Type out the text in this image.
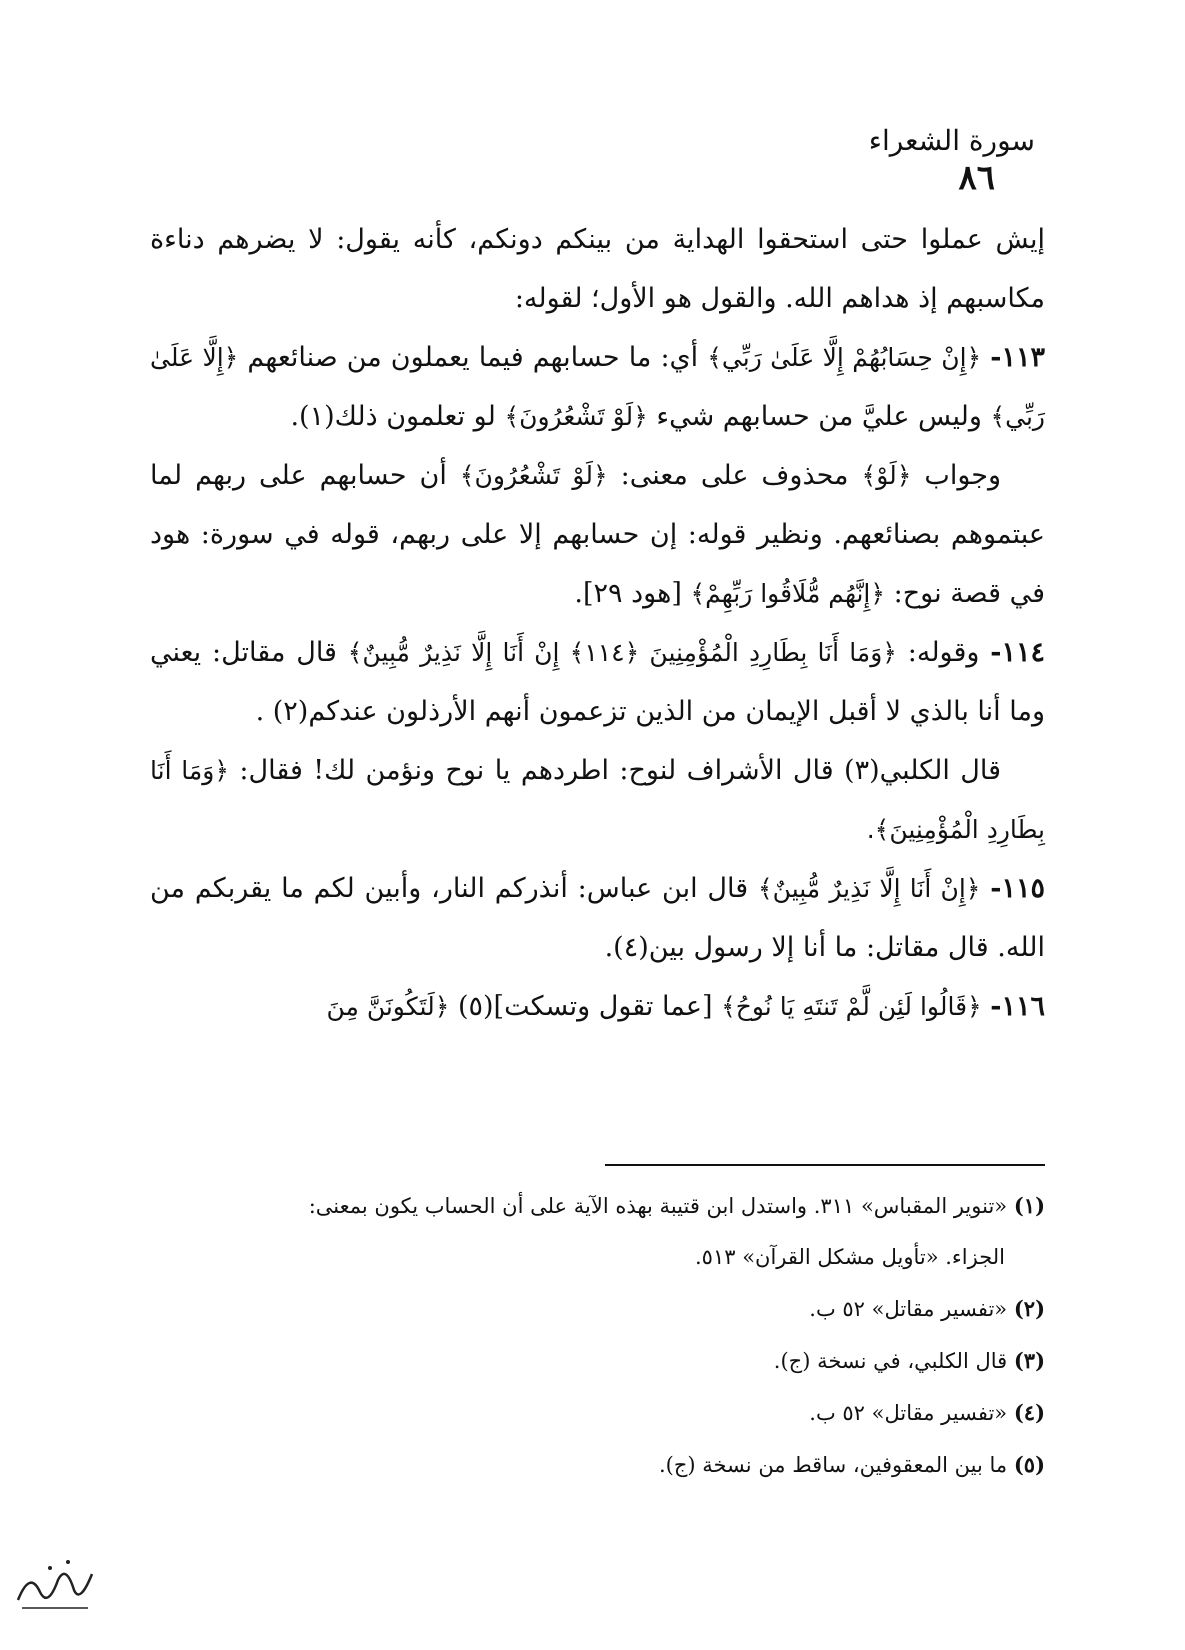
سورة الشعراء
٨٦

إيش عملوا حتى استحقوا الهداية من بينكم دونكم، كأنه يقول: لا يضرهم دناءة مكاسبهم إذ هداهم الله. والقول هو الأول؛ لقوله:

١١٣- ﴿إِنْ حِسَابُهُمْ إِلَّا عَلَىٰ رَبِّي﴾ أي: ما حسابهم فيما يعملون من صنائعهم ﴿إِلَّا عَلَىٰ رَبِّي﴾ وليس عليَّ من حسابهم شيء ﴿لَوْ تَشْعُرُونَ﴾ لو تعلمون ذلك(١).

وجواب ﴿لَوْ﴾ محذوف على معنى: ﴿لَوْ تَشْعُرُونَ﴾ أن حسابهم على ربهم لما عبتموهم بصنائعهم. ونظير قوله: إن حسابهم إلا على ربهم، قوله في سورة: هود في قصة نوح: ﴿إِنَّهُم مُّلَاقُوا رَبِّهِمْ﴾ [هود ٢٩].

١١٤- وقوله: ﴿وَمَا أَنَا بِطَارِدِ الْمُؤْمِنِينَ ﴿١١٤﴾ إِنْ أَنَا إِلَّا نَذِيرٌ مُّبِينٌ﴾ قال مقاتل: يعني وما أنا بالذي لا أقبل الإيمان من الذين تزعمون أنهم الأرذلون عندكم(٢) .

قال الكلبي(٣) قال الأشراف لنوح: اطردهم يا نوح ونؤمن لك! فقال: ﴿وَمَا أَنَا بِطَارِدِ الْمُؤْمِنِينَ﴾.

١١٥- ﴿إِنْ أَنَا إِلَّا نَذِيرٌ مُّبِينٌ﴾ قال ابن عباس: أنذركم النار، وأبين لكم ما يقربكم من الله. قال مقاتل: ما أنا إلا رسول بين(٤).

١١٦- ﴿قَالُوا لَئِن لَّمْ تَنتَهِ يَا نُوحُ﴾ [عما تقول وتسكت](٥) ﴿لَتَكُونَنَّ مِنَ

(١) «تنوير المقباس» ٣١١. واستدل ابن قتيبة بهذه الآية على أن الحساب يكون بمعنى:
الجزاء. «تأويل مشكل القرآن» ٥١٣.
(٢) «تفسير مقاتل» ٥٢ ب.
(٣) قال الكلبي، في نسخة (ج).
(٤) «تفسير مقاتل» ٥٢ ب.
(٥) ما بين المعقوفين، ساقط من نسخة (ج).
